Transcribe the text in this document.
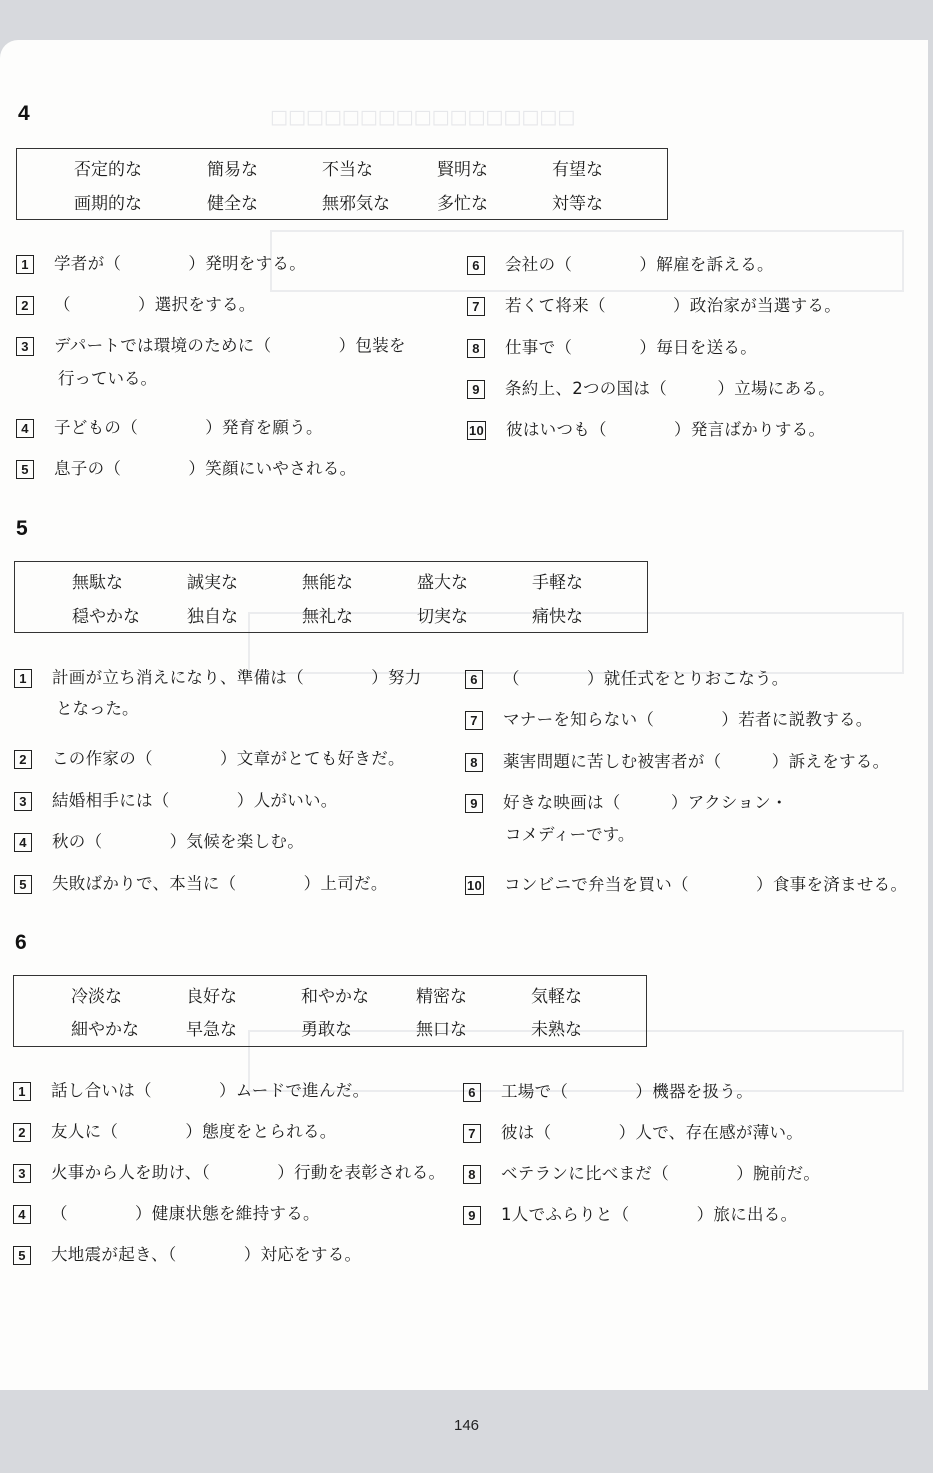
□□□□□□□□□□□□□□□□□
4
否定的な	簡易な	不当な	賢明な	有望な
画期的な	健全な	無邪気な	多忙な	対等な
1 学者が（　　　　）発明をする。
2 （　　　　）選択をする。
3 デパートでは環境のために（　　　　）包装を
行っている。
4 子どもの（　　　　）発育を願う。
5 息子の（　　　　）笑顔にいやされる。
6 会社の（　　　　）解雇を訴える。
7 若くて将来（　　　　）政治家が当選する。
8 仕事で（　　　　）毎日を送る。
9 条約上、2つの国は（　　　）立場にある。
10 彼はいつも（　　　　）発言ばかりする。
5
無駄な	誠実な	無能な	盛大な	手軽な
穏やかな	独自な	無礼な	切実な	痛快な
1 計画が立ち消えになり、準備は（　　　　）努力
となった。
2 この作家の（　　　　）文章がとても好きだ。
3 結婚相手には（　　　　）人がいい。
4 秋の（　　　　）気候を楽しむ。
5 失敗ばかりで、本当に（　　　　）上司だ。
6 （　　　　）就任式をとりおこなう。
7 マナーを知らない（　　　　）若者に説教する。
8 薬害問題に苦しむ被害者が（　　　）訴えをする。
9 好きな映画は（　　　）アクション・
コメディーです。
10 コンビニで弁当を買い（　　　　）食事を済ませる。
6
冷淡な	良好な	和やかな	精密な	気軽な
細やかな	早急な	勇敢な	無口な	未熟な
1 話し合いは（　　　　）ムードで進んだ。
2 友人に（　　　　）態度をとられる。
3 火事から人を助け、（　　　　）行動を表彰される。
4 （　　　　）健康状態を維持する。
5 大地震が起き、（　　　　）対応をする。
6 工場で（　　　　）機器を扱う。
7 彼は（　　　　）人で、存在感が薄い。
8 ベテランに比べまだ（　　　　）腕前だ。
9 1人でふらりと（　　　　）旅に出る。
146
